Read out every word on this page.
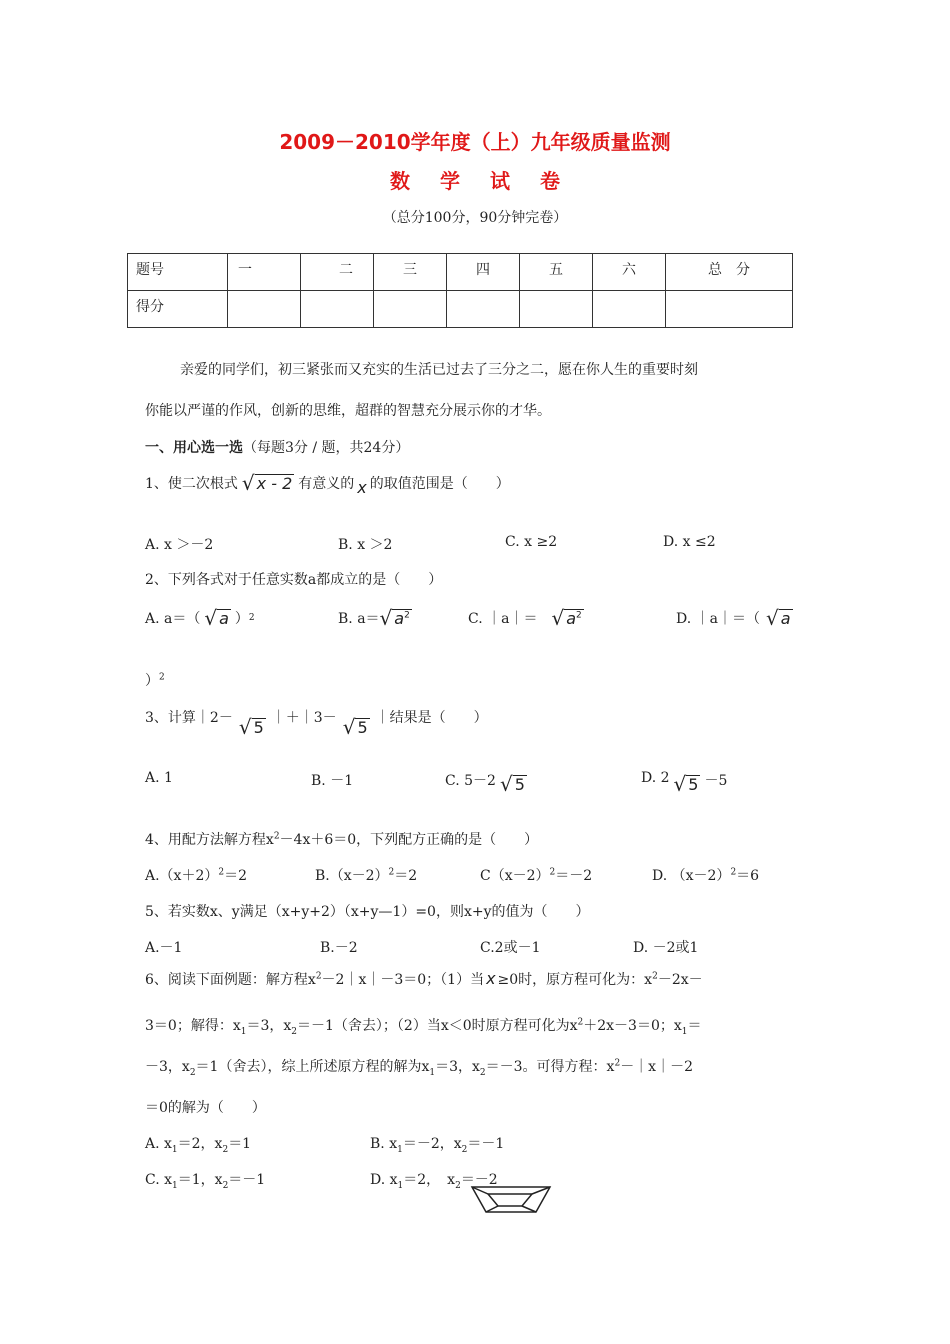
2009－2010学年度（上）九年级质量监测
数学试卷
（总分100分，90分钟完卷）
题号	一	二	三	四	五	六	总　分
得分							
亲爱的同学们，初三紧张而又充实的生活已过去了三分之二，愿在你人生的重要时刻
你能以严谨的作风，创新的思维，超群的智慧充分展示你的才华。
一、用心选一选（每题3分 / 题，共24分）
1、使二次根式 √ x - 2 有意义的 x 的取值范围是（　　）
A. x ＞－2	B. x ＞2	C. x ≥2	D. x ≤2
2、下列各式对于任意实数a都成立的是（　　）
A. a＝（ √ a ） 2	B. a＝ √ $a^2$	C. ｜a｜＝ √ $a^2$	D. ｜a｜＝（ √ a
）$^2$
3、计算｜2－ √ 5
｜＋｜3－ √ 5
｜结果是（　　）
A. 1	B. －1	C. 5－2 √ 5	D. 2 √ 5 －5
4、用配方法解方程$x^2-4x+6=0$，下列配方正确的是（　　）
$A.(x+2)^2=2$	$B.(x-2)^2=2$	$C(x-2)^2=-2$	D. $(x-2)^2=6$
5、若实数x、y满足（x+y+2）（x+y—1）=0，则x+y的值为（　　）
A.－1	B.－2	C.2或－1	D. －2或1
6、阅读下面例题：解方程$x^2-2|x|-3=0$；（1）当 x ≥0时，原方程可化为：$x^2-2x-$
3＝0；解得：$x_1=3$，$x_2=-1$（舍去）；（2）当x＜0时原方程可化为$x^2+2x-3=0$；$x_1=$
－3，$x_2=1$（舍去），综上所述原方程的解为$x_1=3$，$x_2=-3$。可得方程：$x^2-|x|-2$
＝0的解为（　　）
A. $x_1=2$，$x_2=1$	B. $x_1=-2$，$x_2=-1$
C. $x_1=1$，$x_2=-1$	D. $x_1=2$，　$x_2=-2$
